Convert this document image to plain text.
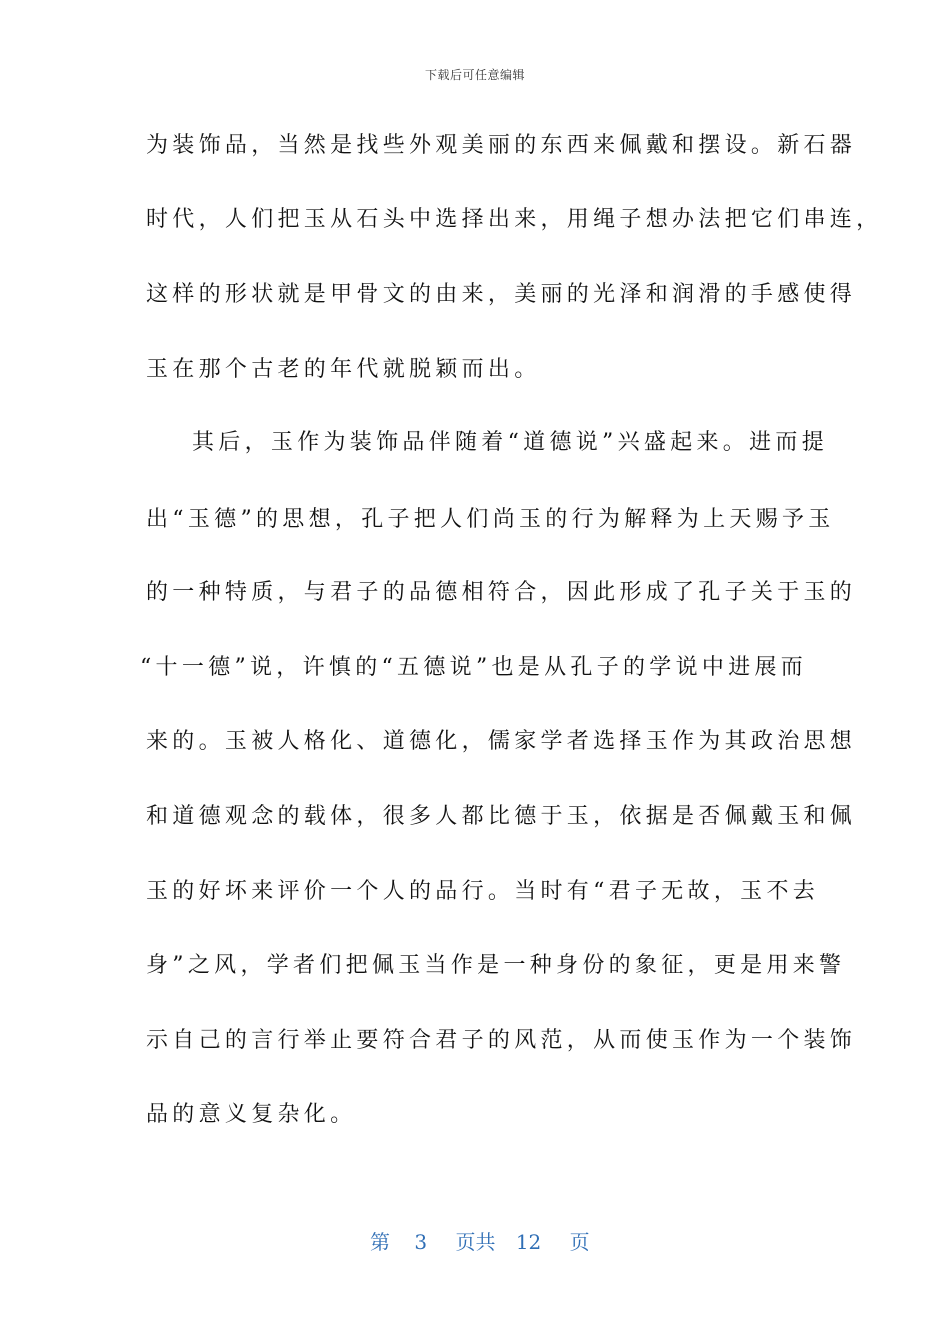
下载后可任意编辑
为装饰品，当然是找些外观美丽的东西来佩戴和摆设。新石器
时代，人们把玉从石头中选择出来，用绳子想办法把它们串连，
这样的形状就是甲骨文的由来，美丽的光泽和润滑的手感使得
玉在那个古老的年代就脱颖而出。
其后，玉作为装饰品伴随着“道德说”兴盛起来。进而提
出“玉德”的思想，孔子把人们尚玉的行为解释为上天赐予玉
的一种特质，与君子的品德相符合，因此形成了孔子关于玉的
“十一德”说，许慎的“五德说”也是从孔子的学说中进展而
来的。玉被人格化、道德化，儒家学者选择玉作为其政治思想
和道德观念的载体，很多人都比德于玉，依据是否佩戴玉和佩
玉的好坏来评价一个人的品行。当时有“君子无故，玉不去
身”之风，学者们把佩玉当作是一种身份的象征，更是用来警
示自己的言行举止要符合君子的风范，从而使玉作为一个装饰
品的意义复杂化。
第 3 页共 12 页
